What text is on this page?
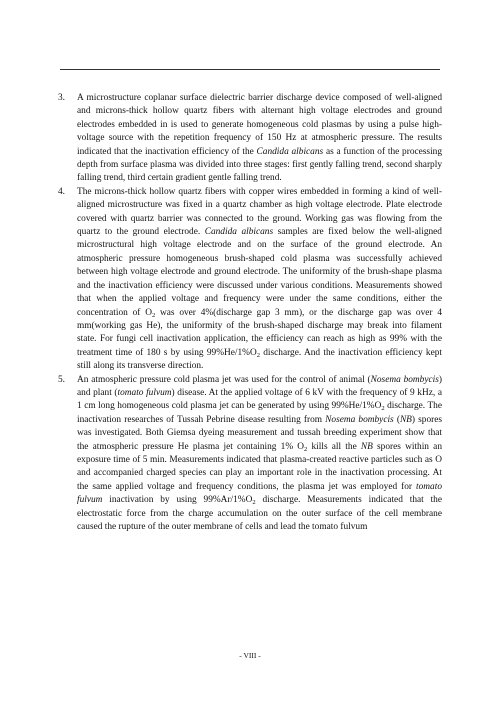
3.	A microstructure coplanar surface dielectric barrier discharge device composed of well-aligned and microns-thick hollow quartz fibers with alternant high voltage electrodes and ground electrodes embedded in is used to generate homogeneous cold plasmas by using a pulse high-voltage source with the repetition frequency of 150 Hz at atmospheric pressure. The results indicated that the inactivation efficiency of the Candida albicans as a function of the processing depth from surface plasma was divided into three stages: first gently falling trend, second sharply falling trend, third certain gradient gentle falling trend.
4.	The microns-thick hollow quartz fibers with copper wires embedded in forming a kind of well-aligned microstructure was fixed in a quartz chamber as high voltage electrode. Plate electrode covered with quartz barrier was connected to the ground. Working gas was flowing from the quartz to the ground electrode. Candida albicans samples are fixed below the well-aligned microstructural high voltage electrode and on the surface of the ground electrode. An atmospheric pressure homogeneous brush-shaped cold plasma was successfully achieved between high voltage electrode and ground electrode. The uniformity of the brush-shape plasma and the inactivation efficiency were discussed under various conditions. Measurements showed that when the applied voltage and frequency were under the same conditions, either the concentration of $O_2$ was over 4%(discharge gap 3 mm), or the discharge gap was over 4 mm(working gas He), the uniformity of the brush-shaped discharge may break into filament state. For fungi cell inactivation application, the efficiency can reach as high as 99% with the treatment time of 180 s by using $99\%He/1\%O_2$ discharge. And the inactivation efficiency kept still along its transverse direction.
5.	An atmospheric pressure cold plasma jet was used for the control of animal (Nosema bombycis) and plant (tomato fulvum) disease. At the applied voltage of 6 kV with the frequency of 9 kHz, a 1 cm long homogeneous cold plasma jet can be generated by using $99\%He/1\%O_2$ discharge. The inactivation researches of Tussah Pebrine disease resulting from Nosema bombycis (NB) spores was investigated. Both Giemsa dyeing measurement and tussah breeding experiment show that the atmospheric pressure He plasma jet containing 1% $O_2$ kills all the NB spores within an exposure time of 5 min. Measurements indicated that plasma-created reactive particles such as O and accompanied charged species can play an important role in the inactivation processing. At the same applied voltage and frequency conditions, the plasma jet was employed for tomato fulvum inactivation by using $99\%Ar/1\%O_2$ discharge. Measurements indicated that the electrostatic force from the charge accumulation on the outer surface of the cell membrane caused the rupture of the outer membrane of cells and lead the tomato fulvum
- VIII -
